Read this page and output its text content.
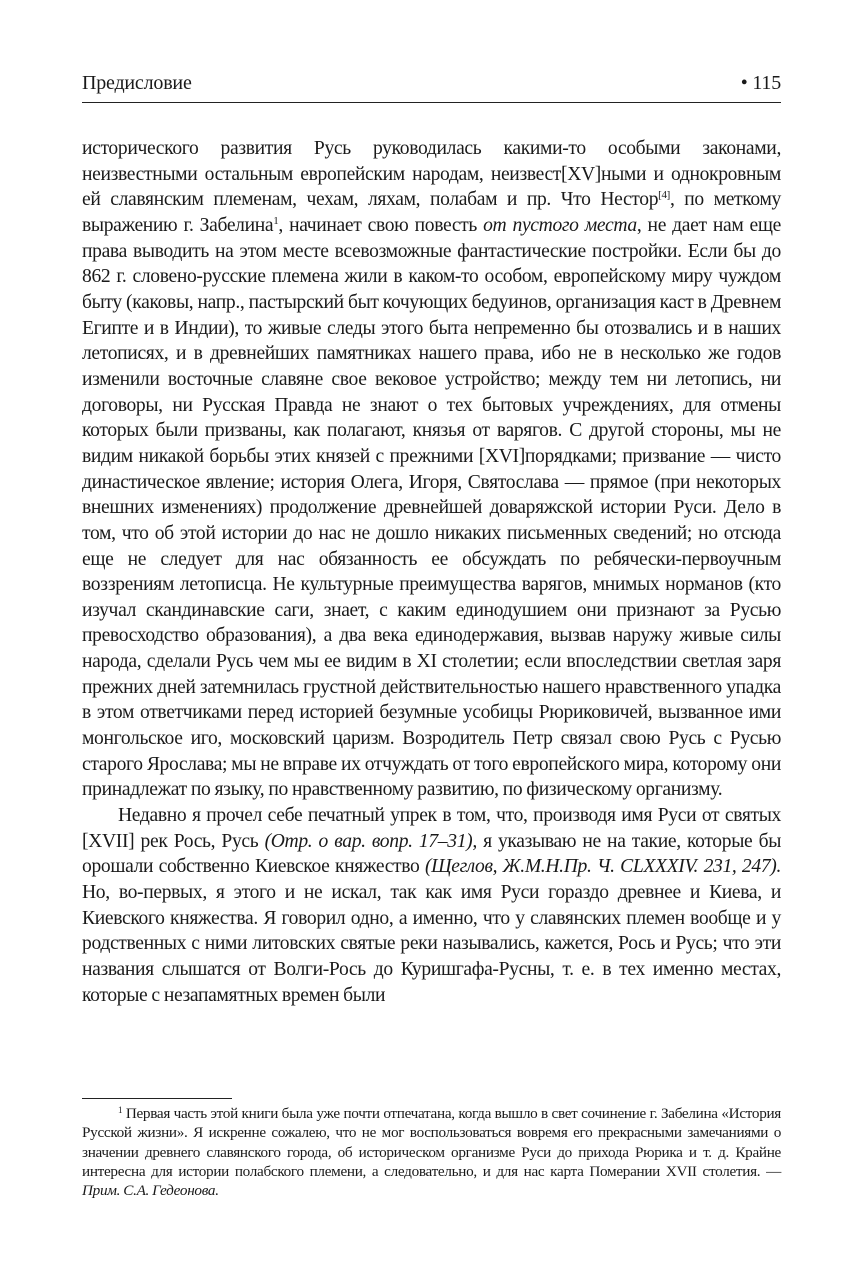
Предисловие	• 115

исторического развития Русь руководилась какими-то особыми законами, неизвестными остальным европейским народам, неизвест[XV]ными и однокровным ей славянским племенам, чехам, ляхам, полабам и пр. Что Нестор[4], по меткому выражению г. Забелина$^1$, начинает свою повесть от пустого места, не дает нам еще права выводить на этом месте всевозможные фантастические постройки. Если бы до 862 г. словено-русские племена жили в каком-то особом, европейскому миру чуждом быту (каковы, напр., пастырский быт кочующих бедуинов, организация каст в Древнем Египте и в Индии), то живые следы этого быта непременно бы отозвались и в наших летописях, и в древнейших памятниках нашего права, ибо не в несколько же годов изменили восточные славяне свое вековое устройство; между тем ни летопись, ни договоры, ни Русская Правда не знают о тех бытовых учреждениях, для отмены которых были призваны, как полагают, князья от варягов. С другой стороны, мы не видим никакой борьбы этих князей с прежними [XVI]порядками; призвание — чисто династическое явление; история Олега, Игоря, Святослава — прямое (при некоторых внешних изменениях) продолжение древнейшей доваряжской истории Руси. Дело в том, что об этой истории до нас не дошло никаких письменных сведений; но отсюда еще не следует для нас обязанность ее обсуждать по ребячески-первоучным воззрениям летописца. Не культурные преимущества варягов, мнимых норманов (кто изучал скандинавские саги, знает, с каким единодушием они признают за Русью превосходство образования), а два века единодержавия, вызвав наружу живые силы народа, сделали Русь чем мы ее видим в XI столетии; если впоследствии светлая заря прежних дней затемнилась грустной действительностью нашего нравственного упадка в этом ответчиками перед историей безумные усобицы Рюриковичей, вызванное ими монгольское иго, московский царизм. Возродитель Петр связал свою Русь с Русью старого Ярослава; мы не вправе их отчуждать от того европейского мира, которому они принадлежат по языку, по нравственному развитию, по физическому организму.

Недавно я прочел себе печатный упрек в том, что, производя имя Руси от святых [XVII] рек Рось, Русь (Отр. о вар. вопр. 17–31), я указываю не на такие, которые бы орошали собственно Киевское княжество (Щеглов, Ж.М.Н.Пр. Ч. CLXXXIV. 231, 247). Но, во-первых, я этого и не искал, так как имя Руси гораздо древнее и Киева, и Киевского княжества. Я говорил одно, а именно, что у славянских племен вообще и у родственных с ними литовских святые реки назывались, кажется, Рось и Русь; что эти названия слышатся от Волги-Рось до Куришгафа-Русны, т. е. в тех именно местах, которые с незапамятных времен были

$^1$ Первая часть этой книги была уже почти отпечатана, когда вышло в свет сочинение г. Забелина «История Русской жизни». Я искренне сожалею, что не мог воспользоваться вовремя его прекрасными замечаниями о значении древнего славянского города, об историческом организме Руси до прихода Рюрика и т. д. Крайне интересна для истории полабского племени, а следовательно, и для нас карта Померании XVII столетия. — Прим. С.А. Гедеонова.
